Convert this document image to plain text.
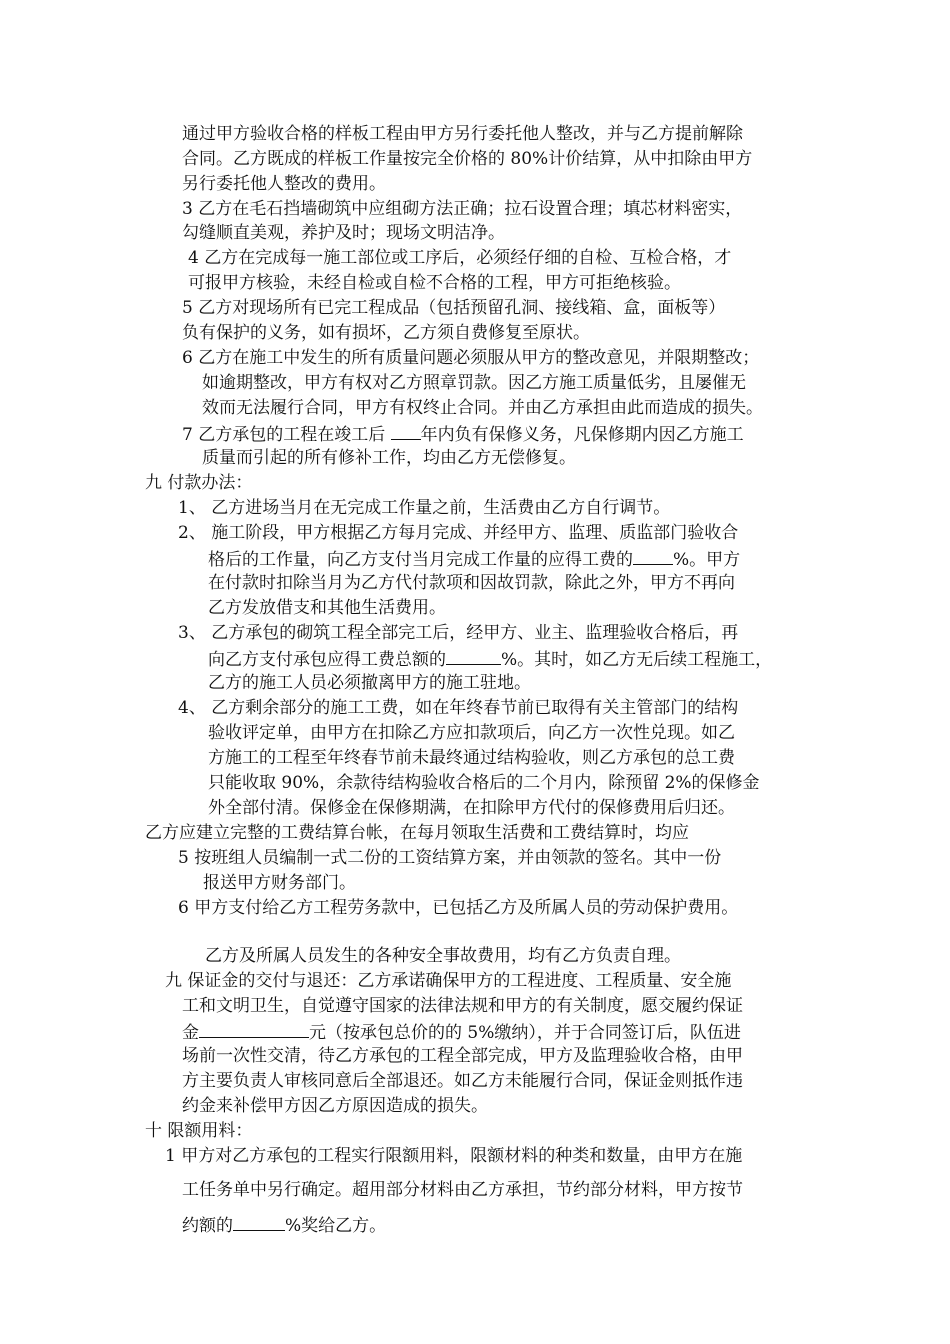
通过甲方验收合格的样板工程由甲方另行委托他人整改，并与乙方提前解除
合同。乙方既成的样板工作量按完全价格的 80%计价结算，从中扣除由甲方
另行委托他人整改的费用。
3 乙方在毛石挡墙砌筑中应组砌方法正确；拉石设置合理；填芯材料密实，
勾缝顺直美观，养护及时；现场文明洁净。
4 乙方在完成每一施工部位或工序后，必须经仔细的自检、互检合格，才
可报甲方核验，未经自检或自检不合格的工程，甲方可拒绝核验。
5 乙方对现场所有已完工程成品（包括预留孔洞、接线箱、盒，面板等）
负有保护的义务，如有损坏，乙方须自费修复至原状。
6 乙方在施工中发生的所有质量问题必须服从甲方的整改意见，并限期整改；
如逾期整改，甲方有权对乙方照章罚款。因乙方施工质量低劣，且屡催无
效而无法履行合同，甲方有权终止合同。并由乙方承担由此而造成的损失。
7 乙方承包的工程在竣工后 年内负有保修义务，凡保修期内因乙方施工
质量而引起的所有修补工作，均由乙方无偿修复。
九 付款办法：
1、 乙方进场当月在无完成工作量之前，生活费由乙方自行调节。
2、 施工阶段，甲方根据乙方每月完成、并经甲方、监理、质监部门验收合
格后的工作量，向乙方支付当月完成工作量的应得工费的 %。甲方
在付款时扣除当月为乙方代付款项和因故罚款，除此之外，甲方不再向
乙方发放借支和其他生活费用。
3、 乙方承包的砌筑工程全部完工后，经甲方、业主、监理验收合格后，再
向乙方支付承包应得工费总额的	%。其时，如乙方无后续工程施工，
乙方的施工人员必须撤离甲方的施工驻地。
4、 乙方剩余部分的施工工费，如在年终春节前已取得有关主管部门的结构
验收评定单，由甲方在扣除乙方应扣款项后，向乙方一次性兑现。如乙
方施工的工程至年终春节前未最终通过结构验收，则乙方承包的总工费
只能收取 90%，余款待结构验收合格后的二个月内，除预留 2%的保修金
外全部付清。保修金在保修期满，在扣除甲方代付的保修费用后归还。
乙方应建立完整的工费结算台帐，在每月领取生活费和工费结算时，均应
5 按班组人员编制一式二份的工资结算方案，并由领款的签名。其中一份
报送甲方财务部门。
6 甲方支付给乙方工程劳务款中，已包括乙方及所属人员的劳动保护费用。
乙方及所属人员发生的各种安全事故费用，均有乙方负责自理。
九 保证金的交付与退还：乙方承诺确保甲方的工程进度、工程质量、安全施
工和文明卫生，自觉遵守国家的法律法规和甲方的有关制度，愿交履约保证
金	元（按承包总价的的 5%缴纳），并于合同签订后，队伍进
场前一次性交清，待乙方承包的工程全部完成，甲方及监理验收合格，由甲
方主要负责人审核同意后全部退还。如乙方未能履行合同，保证金则抵作违
约金来补偿甲方因乙方原因造成的损失。
十 限额用料：
1 甲方对乙方承包的工程实行限额用料，限额材料的种类和数量，由甲方在施
工任务单中另行确定。超用部分材料由乙方承担，节约部分材料，甲方按节
约额的	%奖给乙方。
